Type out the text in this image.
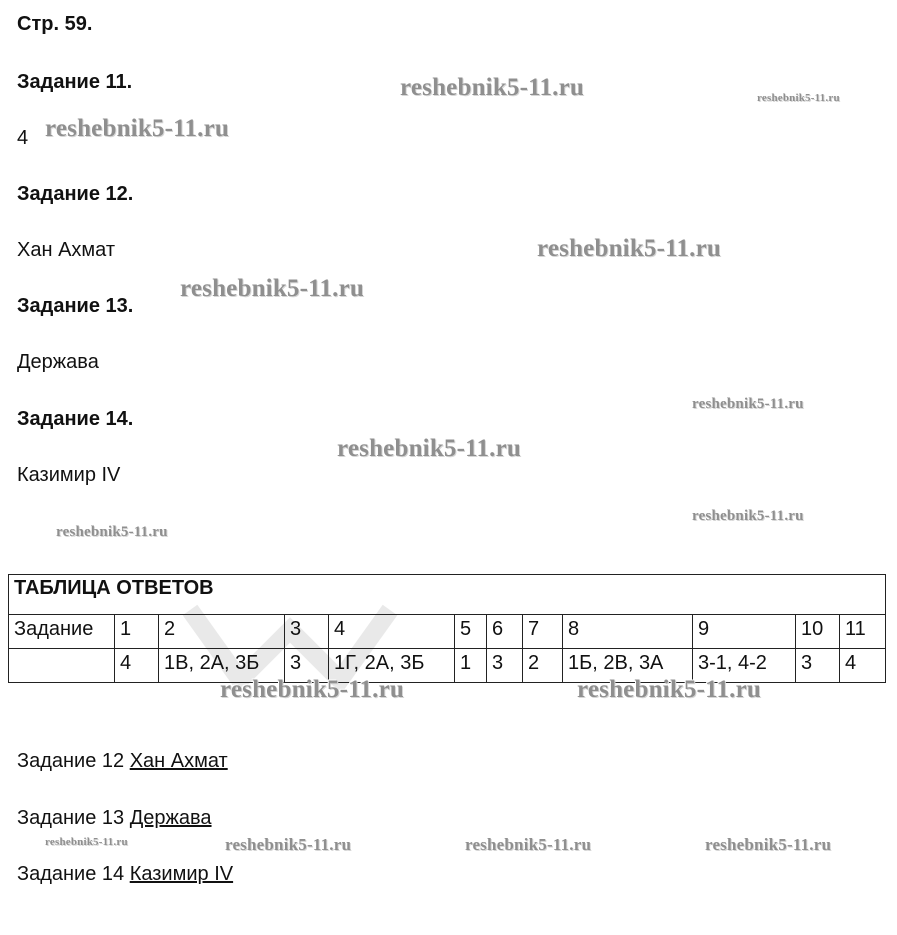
Стр. 59.
Задание 11.
4
Задание 12.
Хан Ахмат
Задание 13.
Держава
Задание 14.
Казимир IV
ТАБЛИЦА ОТВЕТОВ											
Задание	1	2	3	4	5	6	7	8	9	10	11
	4	1В, 2А, 3Б	3	1Г, 2А, 3Б	1	3	2	1Б, 2В, 3А	3-1, 4-2	3	4
Задание 12 Хан Ахмат
Задание 13 Держава
Задание 14 Казимир IV
reshebnik5-11.ru	reshebnik5-11.ru
reshebnik5-11.ru
reshebnik5-11.ru
reshebnik5-11.ru
reshebnik5-11.ru
reshebnik5-11.ru
reshebnik5-11.ru
reshebnik5-11.ru
reshebnik5-11.ru	reshebnik5-11.ru
reshebnik5-11.ru	reshebnik5-11.ru	reshebnik5-11.ru	reshebnik5-11.ru
